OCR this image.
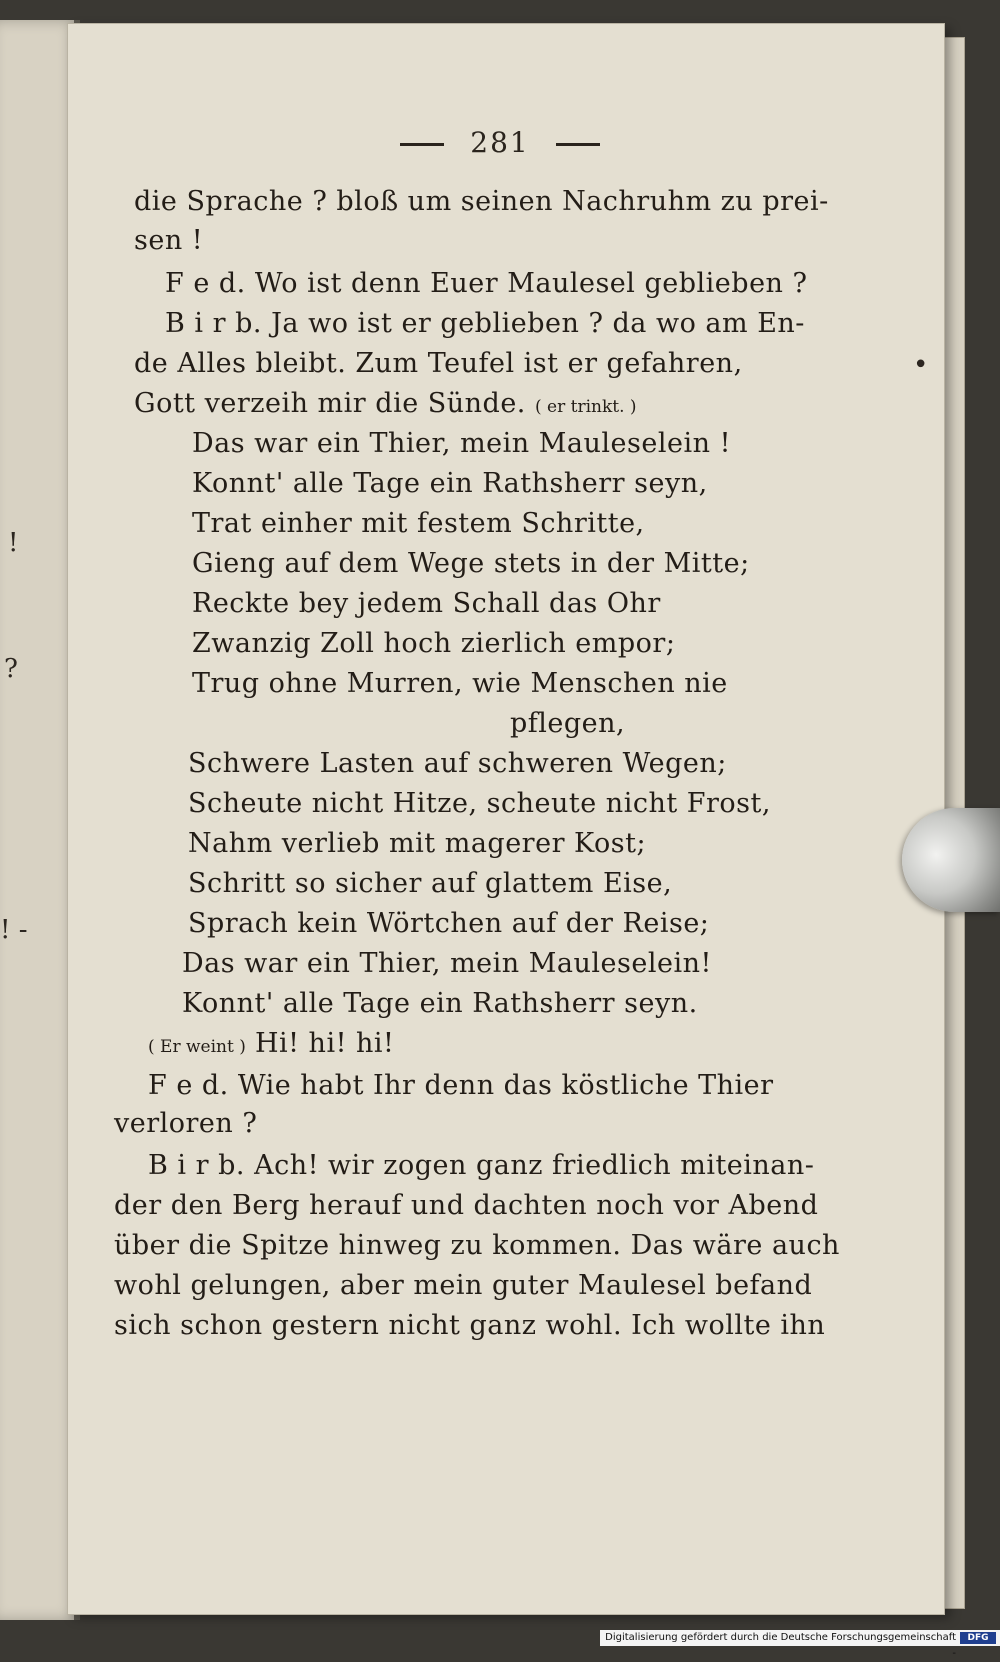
!
?
! -
281
•
die Sprache ? bloß um seinen Nachruhm zu prei-
sen !
F e d. Wo ist denn Euer Maulesel geblieben ?
B i r b. Ja wo ist er geblieben ? da wo am En-
de Alles bleibt. Zum Teufel ist er gefahren,
Gott verzeih mir die Sünde. ( er trinkt. )
Das war ein Thier, mein Mauleselein !
Konnt' alle Tage ein Rathsherr seyn,
Trat einher mit festem Schritte,
Gieng auf dem Wege stets in der Mitte;
Reckte bey jedem Schall das Ohr
Zwanzig Zoll hoch zierlich empor;
Trug ohne Murren, wie Menschen nie
pflegen,
Schwere Lasten auf schweren Wegen;
Scheute nicht Hitze, scheute nicht Frost,
Nahm verlieb mit magerer Kost;
Schritt so sicher auf glattem Eise,
Sprach kein Wörtchen auf der Reise;
Das war ein Thier, mein Mauleselein!
Konnt' alle Tage ein Rathsherr seyn.
( Er weint ) Hi! hi! hi!
F e d. Wie habt Ihr denn das köstliche Thier
verloren ?
B i r b. Ach! wir zogen ganz friedlich miteinan-
der den Berg herauf und dachten noch vor Abend
über die Spitze hinweg zu kommen. Das wäre auch
wohl gelungen, aber mein guter Maulesel befand
sich schon gestern nicht ganz wohl. Ich wollte ihn
Digitalisierung gefördert durch die Deutsche Forschungsgemeinschaft -
DFG
